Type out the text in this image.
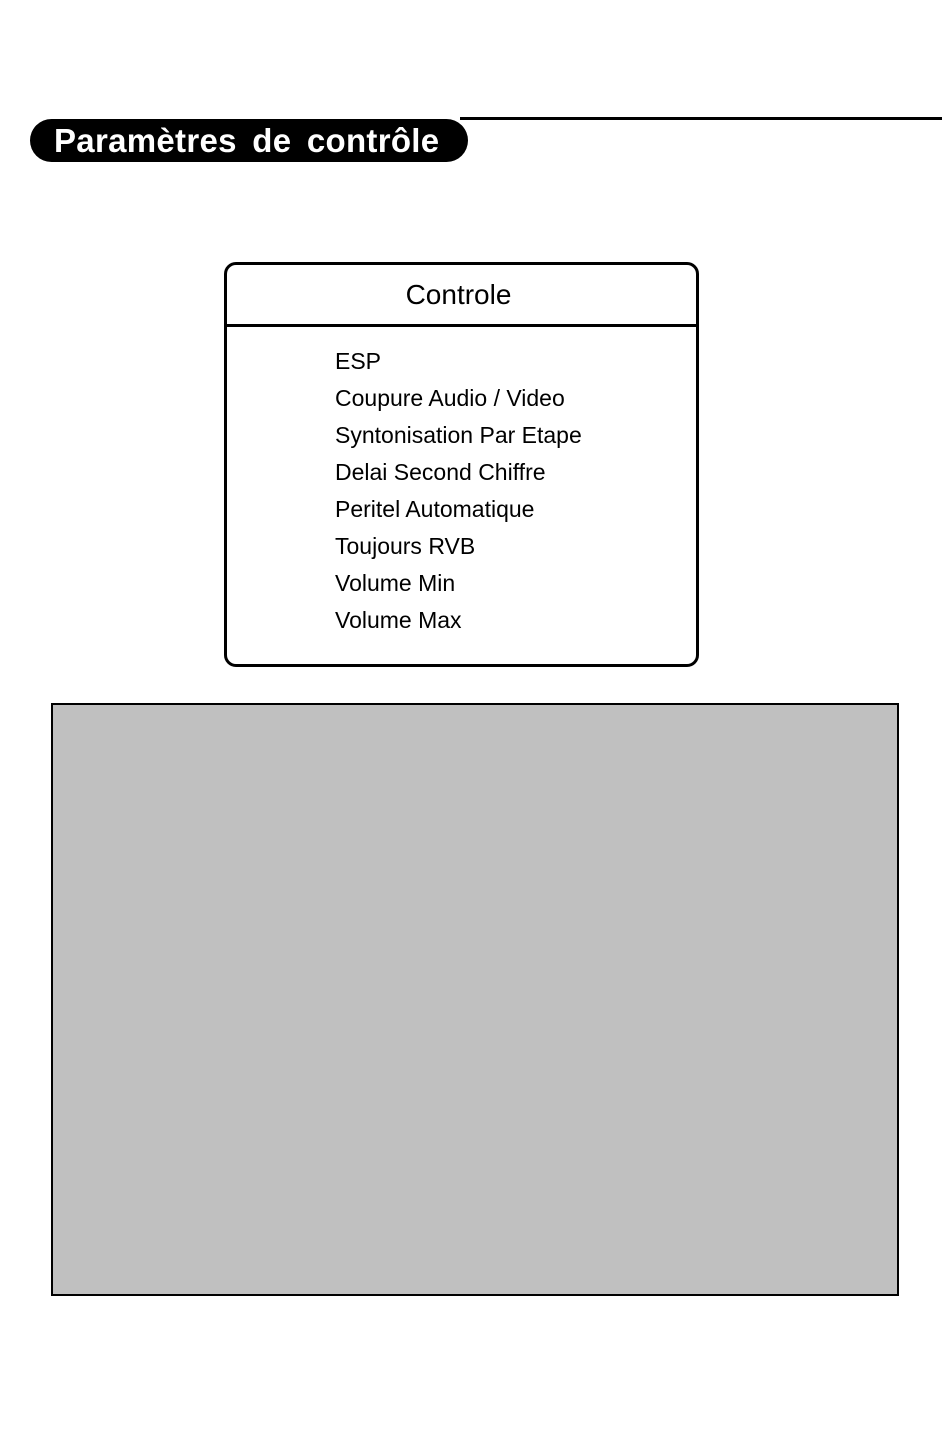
Paramètres de contrôle
Controle
ESP
Coupure Audio / Video
Syntonisation Par Etape
Delai Second Chiffre
Peritel Automatique
Toujours RVB
Volume Min
Volume Max
